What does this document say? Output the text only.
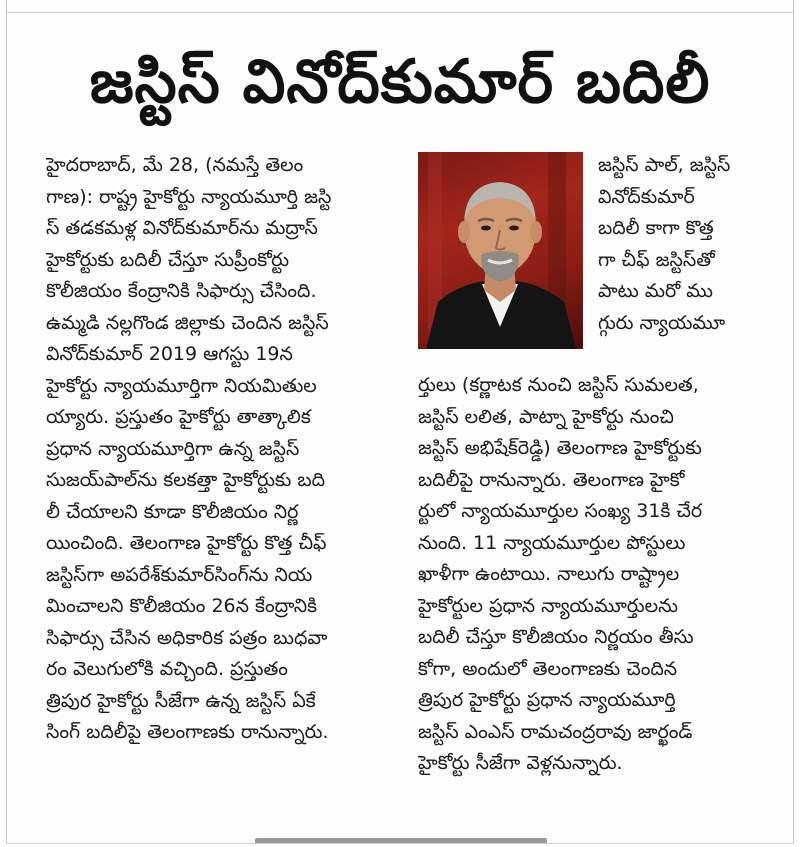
జస్టిస్ వినోద్‌కుమార్ బదిలీ
హైదరాబాద్, మే 28, (నమస్తే తెలం
గాణ): రాష్ట్ర హైకోర్టు న్యాయమూర్తి జస్టి
స్ తడకమళ్ల వినోద్‌కుమార్‌ను మద్రాస్
హైకోర్టుకు బదిలీ చేస్తూ సుప్రీంకోర్టు
కొలీజియం కేంద్రానికి సిఫార్సు చేసింది.
ఉమ్మడి నల్లగొండ జిల్లాకు చెందిన జస్టిస్
వినోద్‌కుమార్ 2019 ఆగస్టు 19న
హైకోర్టు న్యాయమూర్తిగా నియమితుల
య్యారు. ప్రస్తుతం హైకోర్టు తాత్కాలిక
ప్రధాన న్యాయమూర్తిగా ఉన్న జస్టిస్
సుజయ్‌పాల్‌ను కలకత్తా హైకోర్టుకు బది
లీ చేయాలని కూడా కొలీజియం నిర్ణ
యించింది. తెలంగాణ హైకోర్టు కొత్త చీఫ్
జస్టిస్‌గా అపరేశ్‌కుమార్‌సింగ్‌ను నియ
మించాలని కొలీజియం 26న కేంద్రానికి
సిఫార్సు చేసిన అధికారిక పత్రం బుధవా
రం వెలుగులోకి వచ్చింది. ప్రస్తుతం
త్రిపుర హైకోర్టు సీజేగా ఉన్న జస్టిస్ ఏకే
సింగ్ బదిలీపై తెలంగాణకు రానున్నారు.
జస్టిస్ పాల్, జస్టిస్
వినోద్‌కుమార్
బదిలీ కాగా కొత్త
గా చీఫ్ జస్టిస్‌తో
పాటు మరో ము
గ్గురు న్యాయమూ
ర్తులు (కర్ణాటక నుంచి జస్టిస్ సుమలత,
జస్టిస్ లలిత, పాట్నా హైకోర్టు నుంచి
జస్టిస్ అభిషేక్‌రెడ్డి) తెలంగాణ హైకోర్టుకు
బదిలీపై రానున్నారు. తెలంగాణ హైకో
ర్టులో న్యాయమూర్తుల సంఖ్య 31కి చేర
నుంది. 11 న్యాయమూర్తుల పోస్టులు
ఖాళీగా ఉంటాయి. నాలుగు రాష్ట్రాల
హైకోర్టుల ప్రధాన న్యాయమూర్తులను
బదిలీ చేస్తూ కొలీజియం నిర్ణయం తీసు
కోగా, అందులో తెలంగాణకు చెందిన
త్రిపుర హైకోర్టు ప్రధాన న్యాయమూర్తి
జస్టిస్ ఎంఎస్ రామచంద్రరావు జార్ఖండ్
హైకోర్టు సీజేగా వెళ్లనున్నారు.
